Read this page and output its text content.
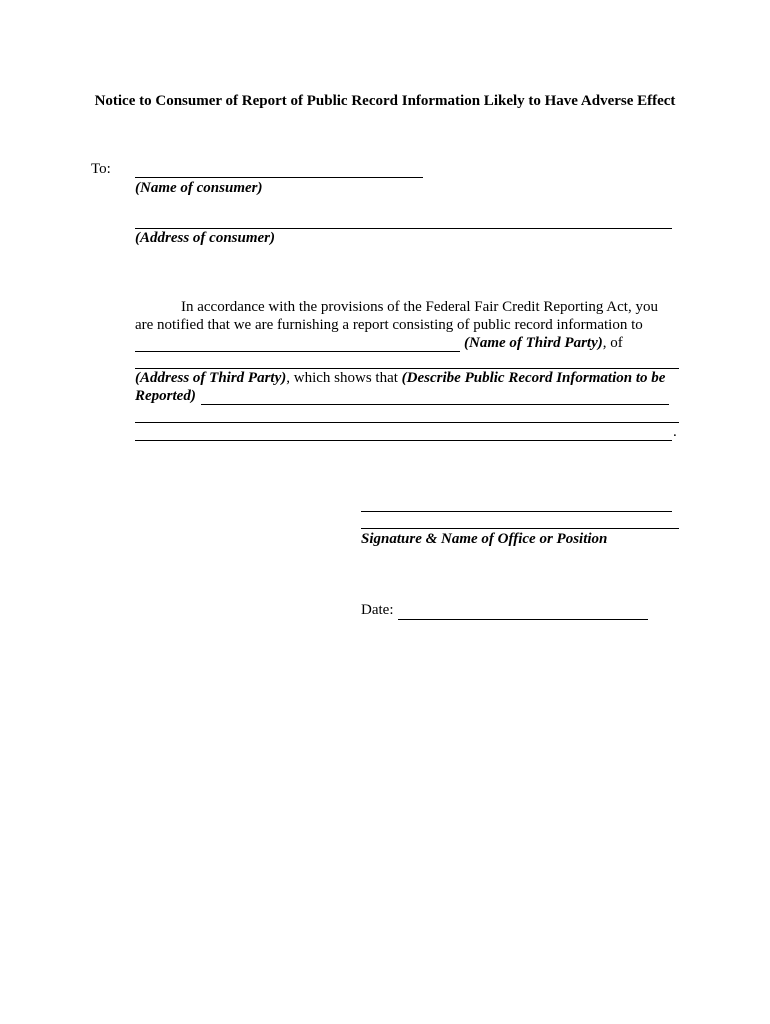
Notice to Consumer of Report of Public Record Information Likely to Have Adverse Effect
To:
(Name of consumer)
(Address of consumer)
In accordance with the provisions of the Federal Fair Credit Reporting Act, you
are notified that we are furnishing a report consisting of public record information to
(Name of Third Party), of
(Address of Third Party), which shows that (Describe Public Record Information to be
Reported)
.
Signature & Name of Office or Position
Date:
